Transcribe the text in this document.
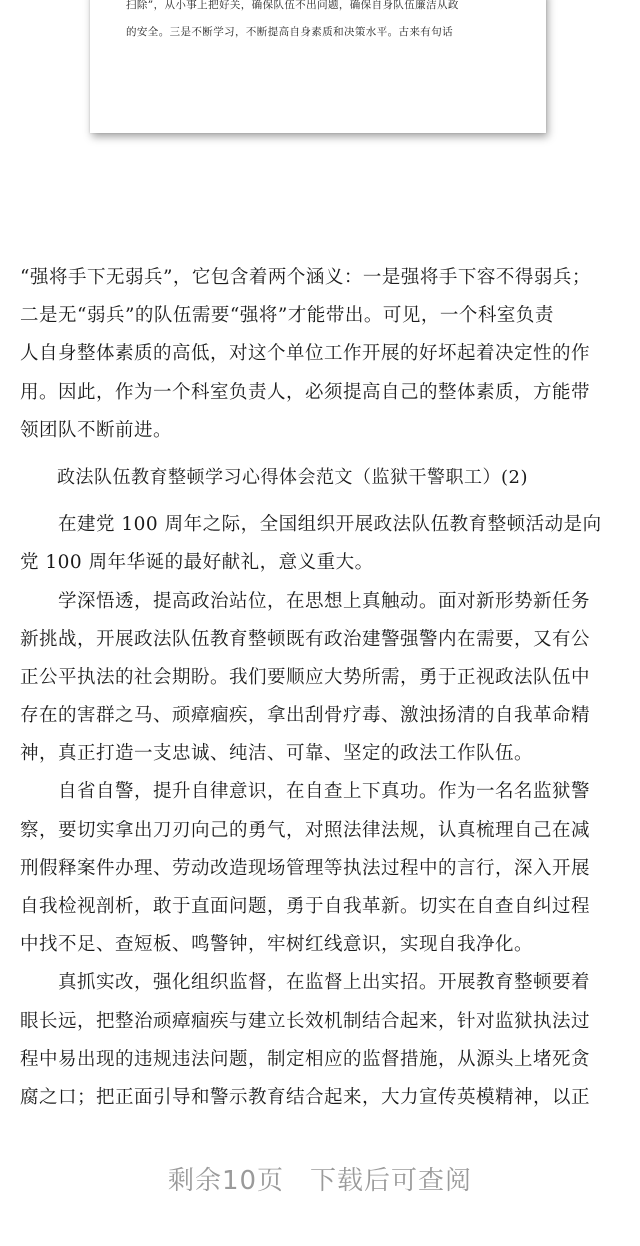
扫除”，从小事上把好关，确保队伍不出问题，确保自身队伍廉洁从政
的安全。三是不断学习，不断提高自身素质和决策水平。古来有句话

“强将手下无弱兵”，它包含着两个涵义：一是强将手下容不得弱兵；
二是无“弱兵”的队伍需要“强将”才能带出。可见，一个科室负责
人自身整体素质的高低，对这个单位工作开展的好坏起着决定性的作
用。因此，作为一个科室负责人，必须提高自己的整体素质，方能带
领团队不断前进。

政法队伍教育整顿学习心得体会范文（监狱干警职工）(2)

　　在建党 100 周年之际，全国组织开展政法队伍教育整顿活动是向
党 100 周年华诞的最好献礼，意义重大。

　　学深悟透，提高政治站位，在思想上真触动。面对新形势新任务
新挑战，开展政法队伍教育整顿既有政治建警强警内在需要，又有公
正公平执法的社会期盼。我们要顺应大势所需，勇于正视政法队伍中
存在的害群之马、顽瘴痼疾，拿出刮骨疗毒、激浊扬清的自我革命精
神，真正打造一支忠诚、纯洁、可靠、坚定的政法工作队伍。

　　自省自警，提升自律意识，在自查上下真功。作为一名名监狱警
察，要切实拿出刀刃向己的勇气，对照法律法规，认真梳理自己在减
刑假释案件办理、劳动改造现场管理等执法过程中的言行，深入开展
自我检视剖析，敢于直面问题，勇于自我革新。切实在自查自纠过程
中找不足、查短板、鸣警钟，牢树红线意识，实现自我净化。

　　真抓实改，强化组织监督，在监督上出实招。开展教育整顿要着
眼长远，把整治顽瘴痼疾与建立长效机制结合起来，针对监狱执法过
程中易出现的违规违法问题，制定相应的监督措施，从源头上堵死贪
腐之口；把正面引导和警示教育结合起来，大力宣传英模精神，以正

剩余10页 下载后可查阅
